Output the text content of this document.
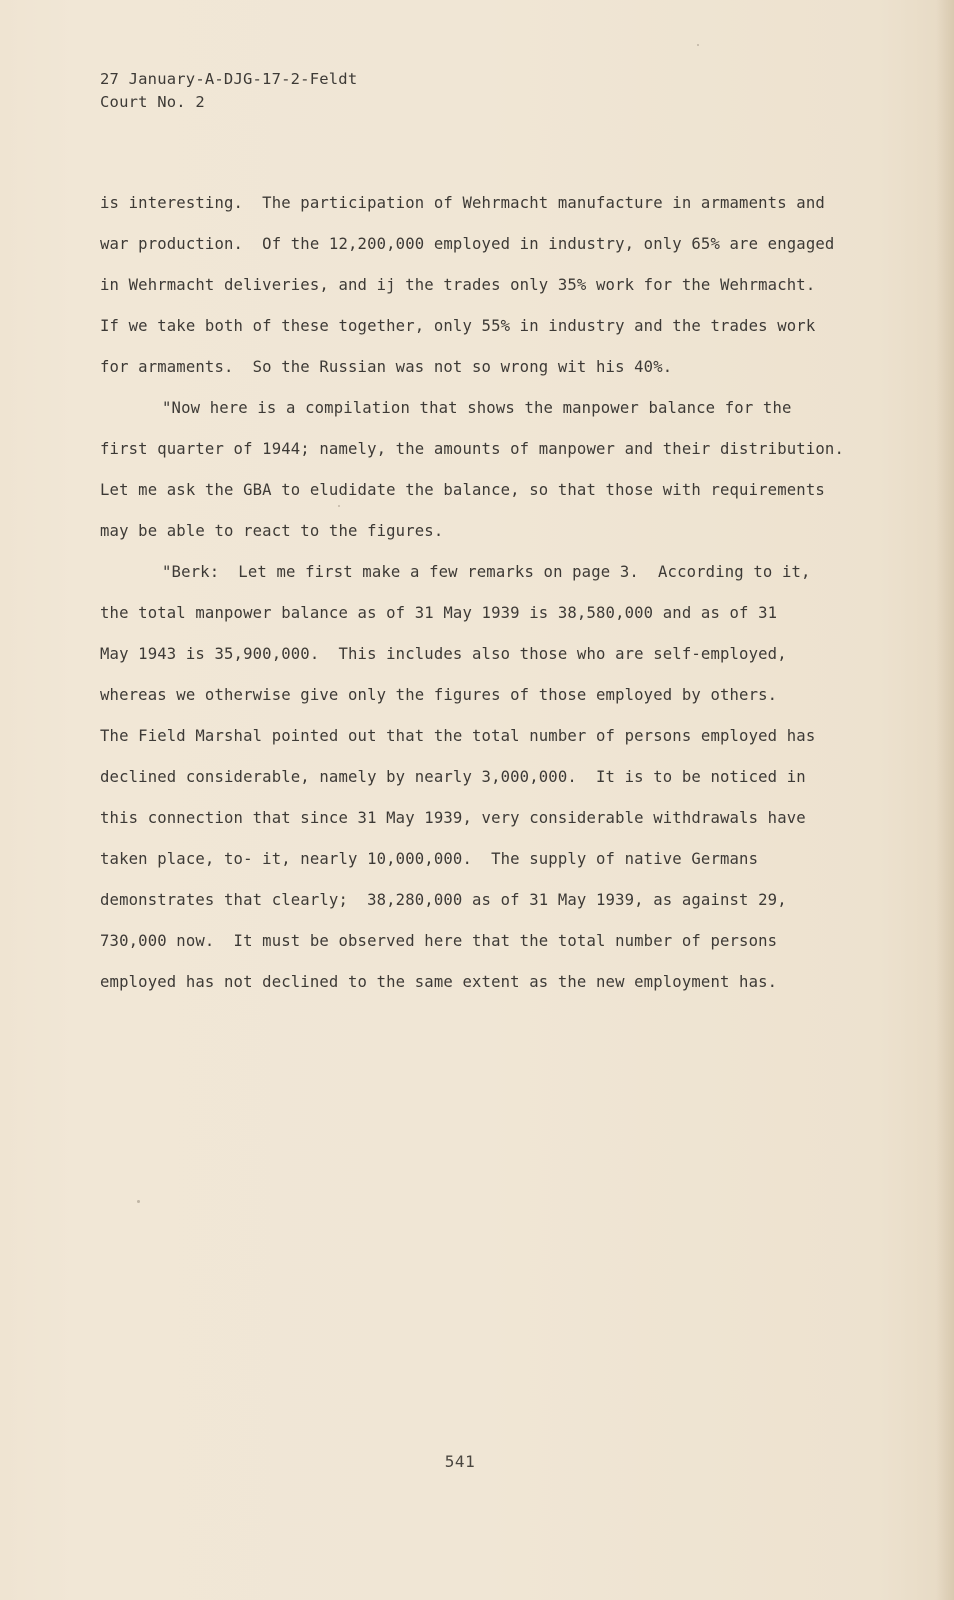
27 January-A-DJG-17-2-Feldt
Court No. 2
is interesting.  The participation of Wehrmacht manufacture in armaments and
war production.  Of the 12,200,000 employed in industry, only 65% are engaged
in Wehrmacht deliveries, and ij the trades only 35% work for the Wehrmacht.
If we take both of these together, only 55% in industry and the trades work
for armaments.  So the Russian was not so wrong wit his 40%.
"Now here is a compilation that shows the manpower balance for the
first quarter of 1944; namely, the amounts of manpower and their distribution.
Let me ask the GBA to eludidate the balance, so that those with requirements
may be able to react to the figures.
"Berk:  Let me first make a few remarks on page 3.  According to it,
the total manpower balance as of 31 May 1939 is 38,580,000 and as of 31
May 1943 is 35,900,000.  This includes also those who are self-employed,
whereas we otherwise give only the figures of those employed by others.
The Field Marshal pointed out that the total number of persons employed has
declined considerable, namely by nearly 3,000,000.  It is to be noticed in
this connection that since 31 May 1939, very considerable withdrawals have
taken place, to- it, nearly 10,000,000.  The supply of native Germans
demonstrates that clearly;  38,280,000 as of 31 May 1939, as against 29,
730,000 now.  It must be observed here that the total number of persons
employed has not declined to the same extent as the new employment has.
541
